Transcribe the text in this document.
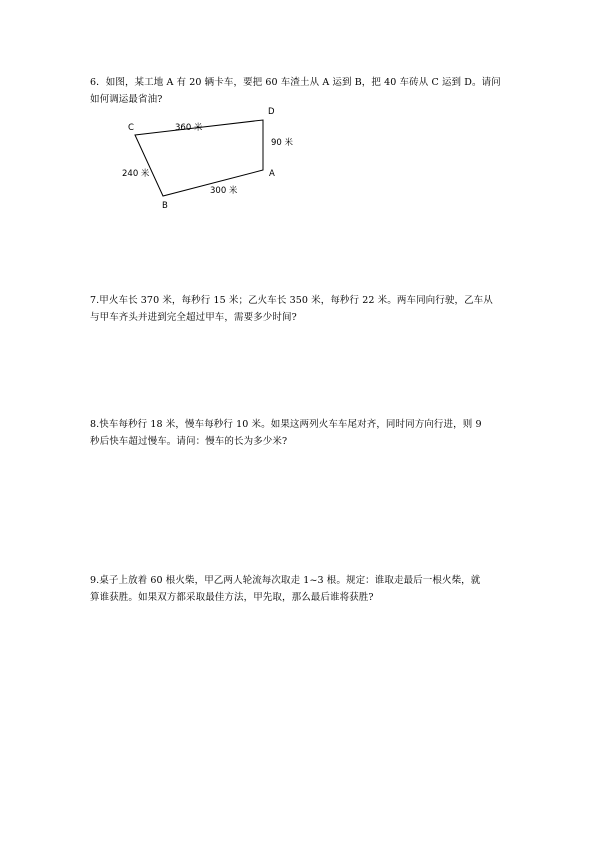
6．如图，某工地 A 有 20 辆卡车，要把 60 车渣土从 A 运到 B，把 40 车砖从 C 运到 D。请问

如何调运最省油?

C
D
A
B
360 米
90 米
300 米
240 米

7.甲火车长 370 米，每秒行 15 米；乙火车长 350 米，每秒行 22 米。两车同向行驶，乙车从

与甲车齐头并进到完全超过甲车，需要多少时间?

8.快车每秒行 18 米，慢车每秒行 10 米。如果这两列火车车尾对齐，同时同方向行进，则 9

秒后快车超过慢车。请问：慢车的长为多少米?

9.桌子上放着 60 根火柴，甲乙两人轮流每次取走 1~3 根。规定：谁取走最后一根火柴，就

算谁获胜。如果双方都采取最佳方法，甲先取，那么最后谁将获胜?
